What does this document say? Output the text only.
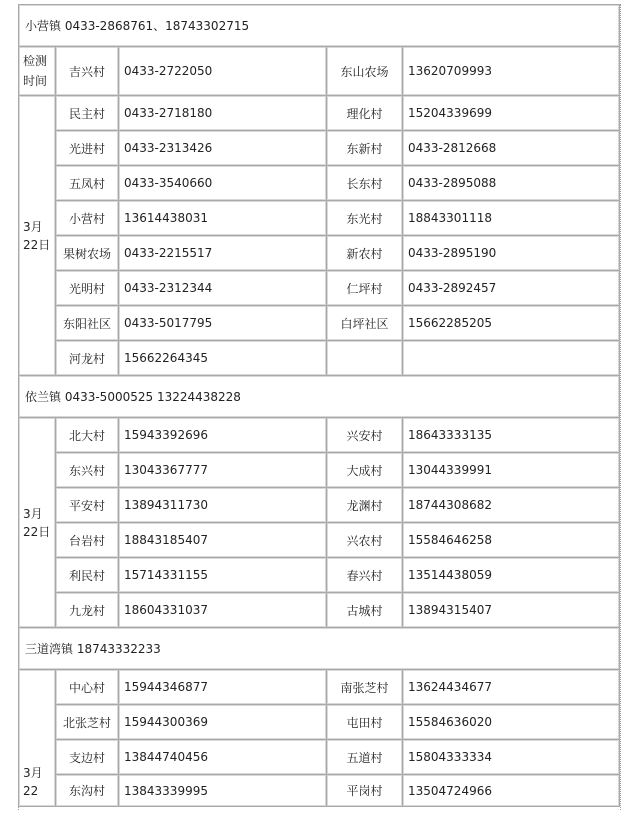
小营镇 0433-2868761、18743302715				
检测时间	吉兴村	0433-2722050	东山农场	13620709993
3月22日	民主村	0433-2718180	理化村	15204339699
	光进村	0433-2313426	东新村	0433-2812668
	五凤村	0433-3540660	长东村	0433-2895088
	小营村	13614438031	东光村	18843301118
	果树农场	0433-2215517	新农村	0433-2895190
	光明村	0433-2312344	仁坪村	0433-2892457
	东阳社区	0433-5017795	白坪社区	15662285205
	河龙村	15662264345		
依兰镇 0433-5000525 13224438228				
3月22日	北大村	15943392696	兴安村	18643333135
	东兴村	13043367777	大成村	13044339991
	平安村	13894311730	龙渊村	18744308682
	台岩村	18843185407	兴农村	15584646258
	利民村	15714331155	春兴村	13514438059
	九龙村	18604331037	古城村	13894315407
三道湾镇 18743332233				
3月22	中心村	15944346877	南张芝村	13624434677
	北张芝村	15944300369	屯田村	15584636020
	支边村	13844740456	五道村	15804333334
	东沟村	13843339995	平岗村	13504724966
